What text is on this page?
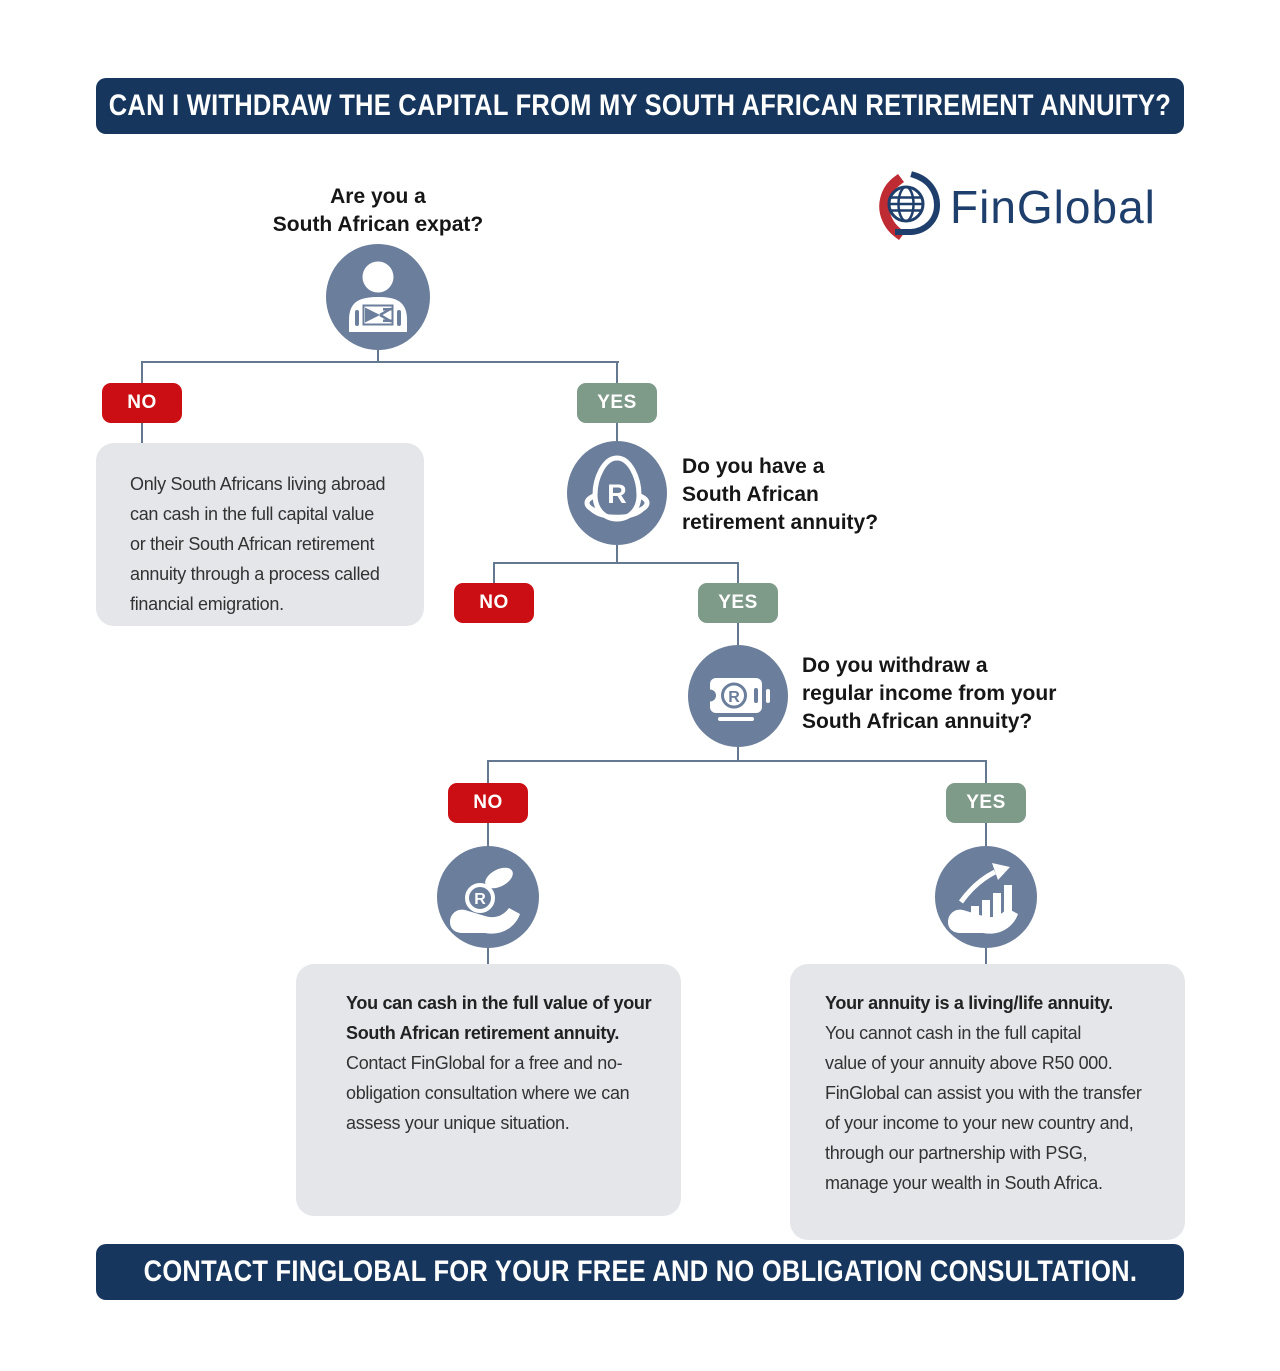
CAN I WITHDRAW THE CAPITAL FROM MY SOUTH AFRICAN RETIREMENT ANNUITY?
FinGlobal
Are you a
South African expat?
NO	YES
Only South Africans living abroad
can cash in the full capital value
or their South African retirement
annuity through a process called
financial emigration.
R
Do you have a
South African
retirement annuity?
NO	YES
R
Do you withdraw a
regular income from your
South African annuity?
NO	YES
R
You can cash in the full value of your
South African retirement annuity.
Contact FinGlobal for a free and no-
obligation consultation where we can
assess your unique situation.
Your annuity is a living/life annuity.
You cannot cash in the full capital
value of your annuity above R50 000.
FinGlobal can assist you with the transfer
of your income to your new country and,
through our partnership with PSG,
manage your wealth in South Africa.
CONTACT FINGLOBAL FOR YOUR FREE AND NO OBLIGATION CONSULTATION.
